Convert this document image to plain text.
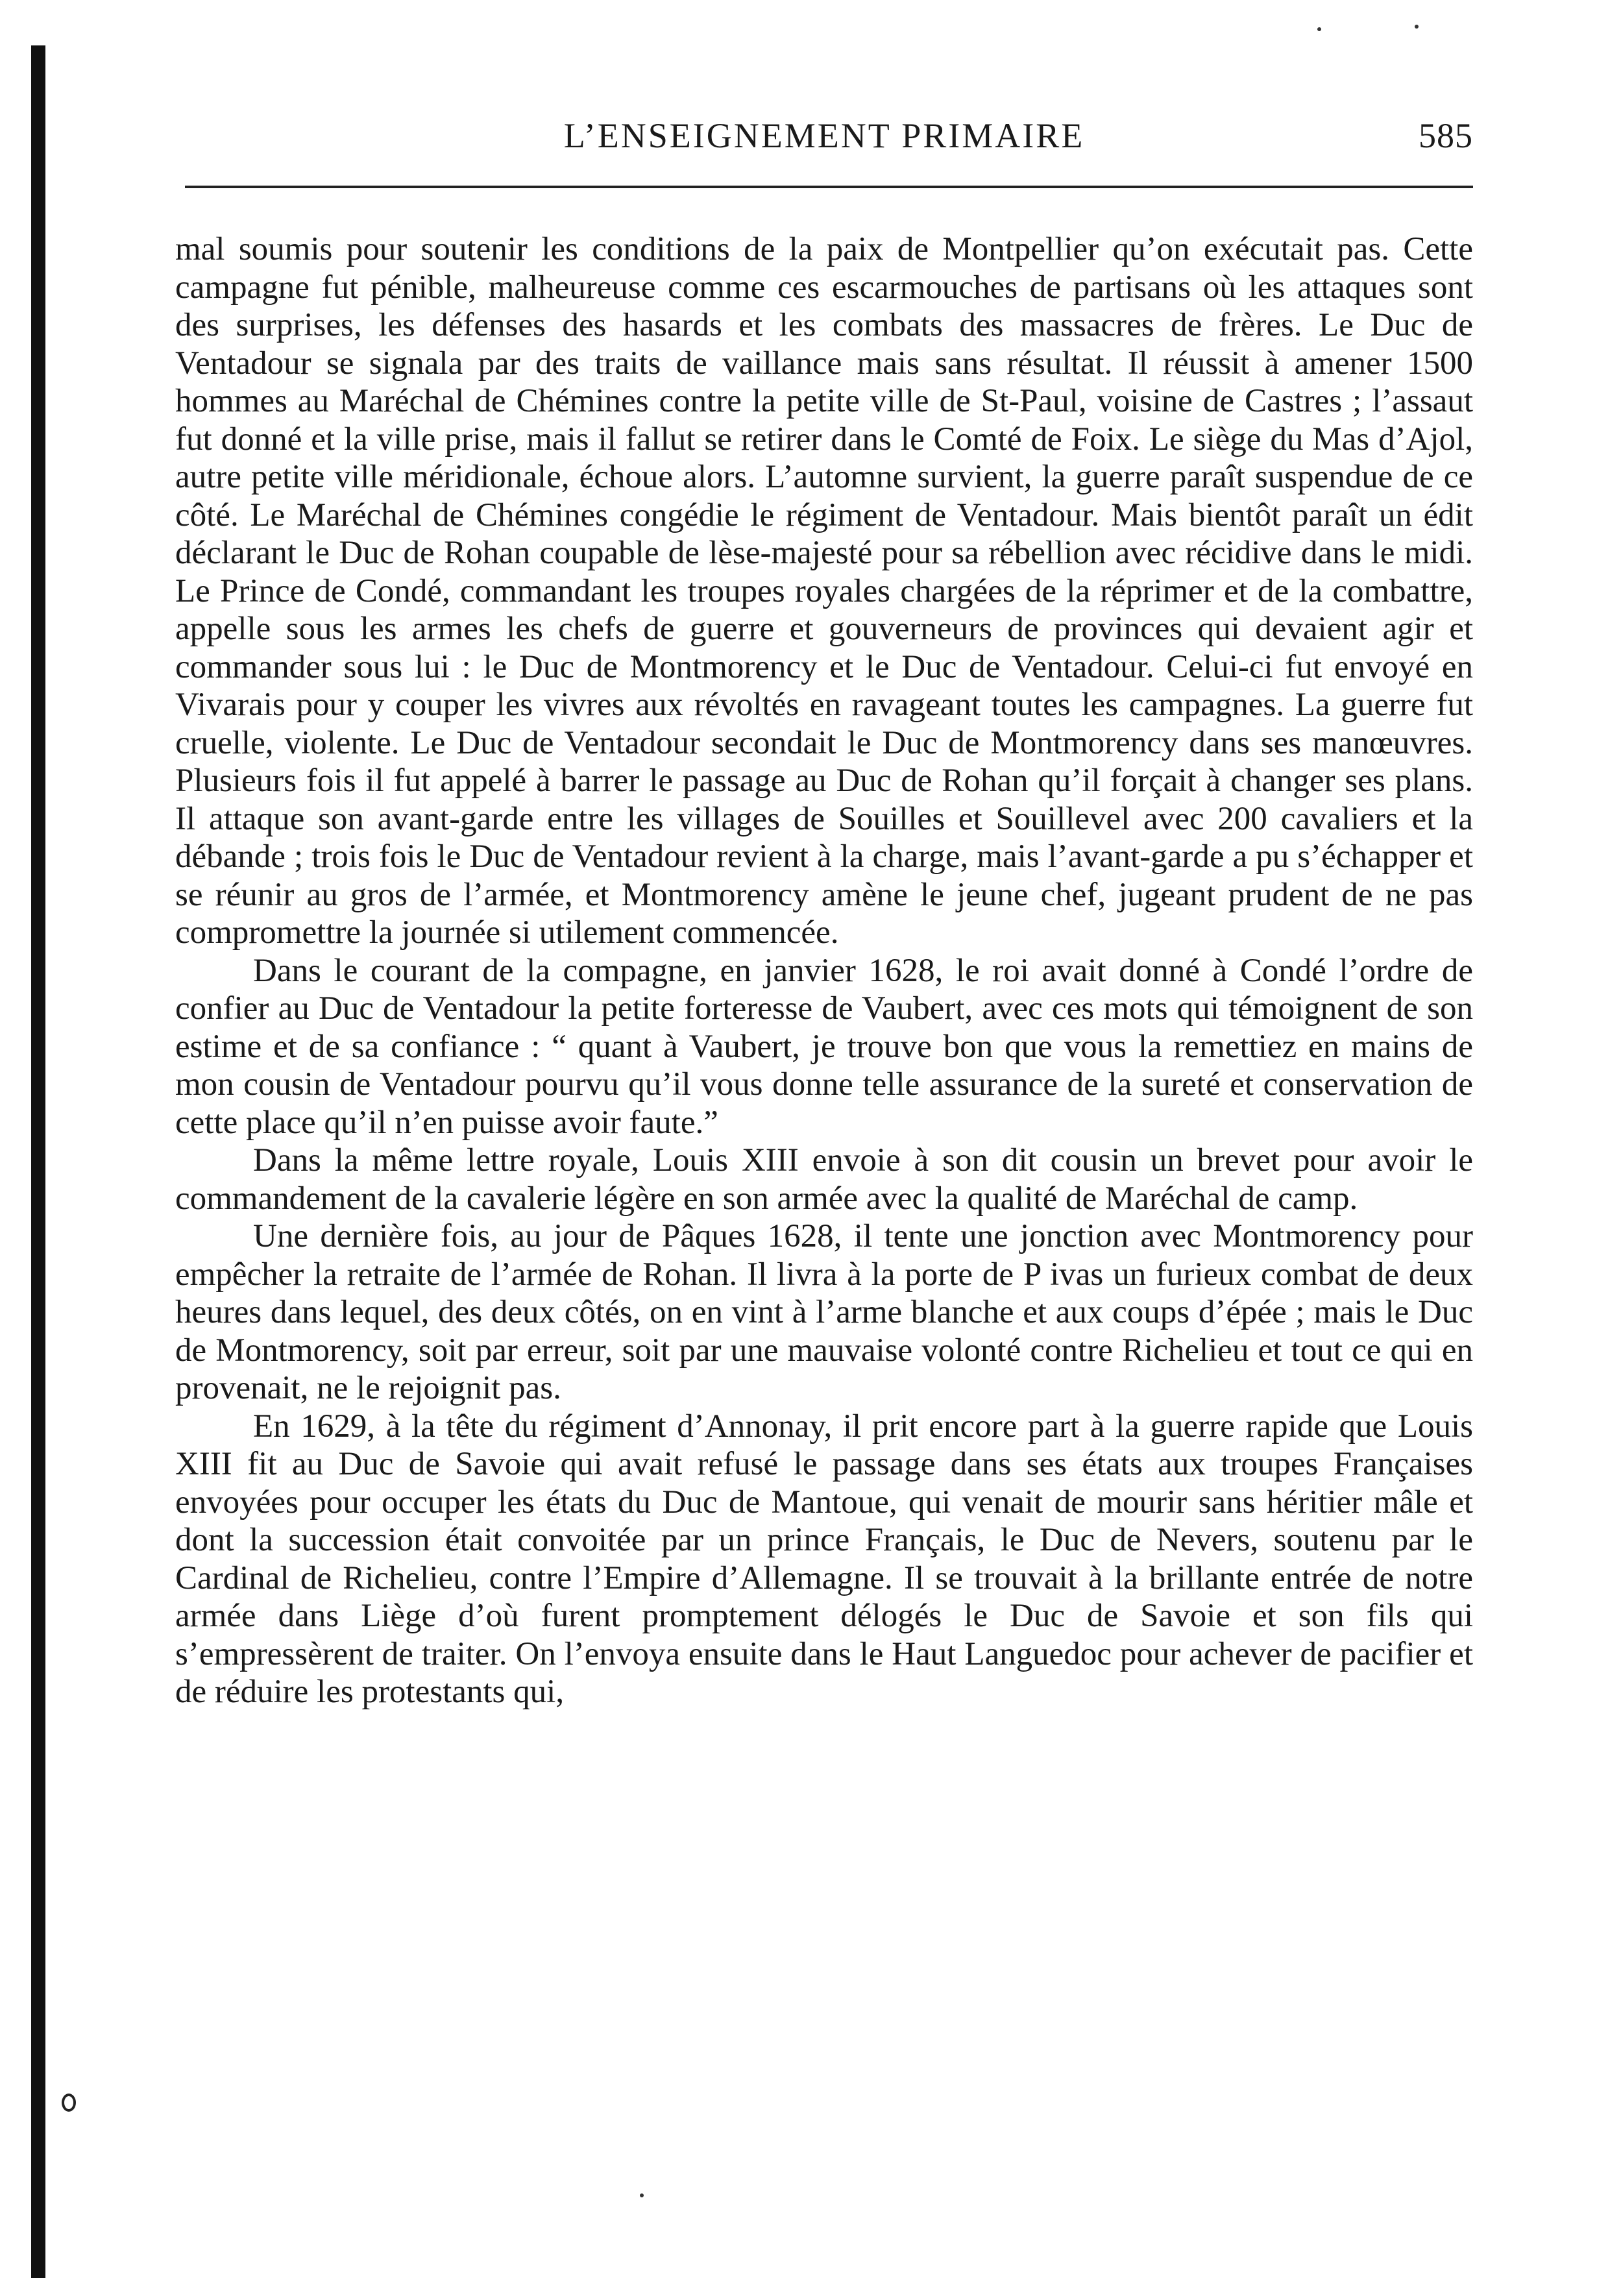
L’ENSEIGNEMENT PRIMAIRE	585

mal soumis pour soutenir les conditions de la paix de Montpellier qu’on exécutait pas. Cette campagne fut pénible, malheureuse comme ces escarmouches de partisans où les attaques sont des surprises, les défenses des hasards et les combats des massacres de frères. Le Duc de Ventadour se signala par des traits de vaillance mais sans résultat. Il réussit à amener 1500 hommes au Maréchal de Chémines contre la petite ville de St-Paul, voisine de Castres ; l’assaut fut donné et la ville prise, mais il fallut se retirer dans le Comté de Foix. Le siège du Mas d’Ajol, autre petite ville méridionale, échoue alors. L’automne survient, la guerre paraît suspendue de ce côté. Le Maréchal de Chémines congédie le régiment de Ventadour. Mais bientôt paraît un édit déclarant le Duc de Rohan coupable de lèse-majesté pour sa rébellion avec récidive dans le midi. Le Prince de Condé, commandant les troupes royales chargées de la réprimer et de la combattre, appelle sous les armes les chefs de guerre et gouverneurs de provinces qui devaient agir et commander sous lui : le Duc de Montmorency et le Duc de Ventadour. Celui-ci fut envoyé en Vivarais pour y couper les vivres aux révoltés en ravageant toutes les campagnes. La guerre fut cruelle, violente. Le Duc de Ventadour secondait le Duc de Montmorency dans ses manœuvres. Plusieurs fois il fut appelé à barrer le passage au Duc de Rohan qu’il forçait à changer ses plans. Il attaque son avant-garde entre les villages de Souilles et Souillevel avec 200 cavaliers et la débande ; trois fois le Duc de Ventadour revient à la charge, mais l’avant-garde a pu s’échapper et se réunir au gros de l’armée, et Montmorency amène le jeune chef, jugeant prudent de ne pas compromettre la journée si utilement commencée.

Dans le courant de la compagne, en janvier 1628, le roi avait donné à Condé l’ordre de confier au Duc de Ventadour la petite forteresse de Vaubert, avec ces mots qui témoignent de son estime et de sa confiance : “ quant à Vaubert, je trouve bon que vous la remettiez en mains de mon cousin de Ventadour pourvu qu’il vous donne telle assurance de la sureté et conservation de cette place qu’il n’en puisse avoir faute.”

Dans la même lettre royale, Louis XIII envoie à son dit cousin un brevet pour avoir le commandement de la cavalerie légère en son armée avec la qualité de Maréchal de camp.

Une dernière fois, au jour de Pâques 1628, il tente une jonction avec Montmorency pour empêcher la retraite de l’armée de Rohan. Il livra à la porte de P ivas un furieux combat de deux heures dans lequel, des deux côtés, on en vint à l’arme blanche et aux coups d’épée ; mais le Duc de Montmorency, soit par erreur, soit par une mauvaise volonté contre Richelieu et tout ce qui en provenait, ne le rejoignit pas.

En 1629, à la tête du régiment d’Annonay, il prit encore part à la guerre rapide que Louis XIII fit au Duc de Savoie qui avait refusé le passage dans ses états aux troupes Françaises envoyées pour occuper les états du Duc de Mantoue, qui venait de mourir sans héritier mâle et dont la succession était convoitée par un prince Français, le Duc de Nevers, soutenu par le Cardinal de Richelieu, contre l’Empire d’Allemagne. Il se trouvait à la brillante entrée de notre armée dans Liège d’où furent promptement délogés le Duc de Savoie et son fils qui s’empressèrent de traiter. On l’envoya ensuite dans le Haut Languedoc pour achever de pacifier et de réduire les protestants qui,
